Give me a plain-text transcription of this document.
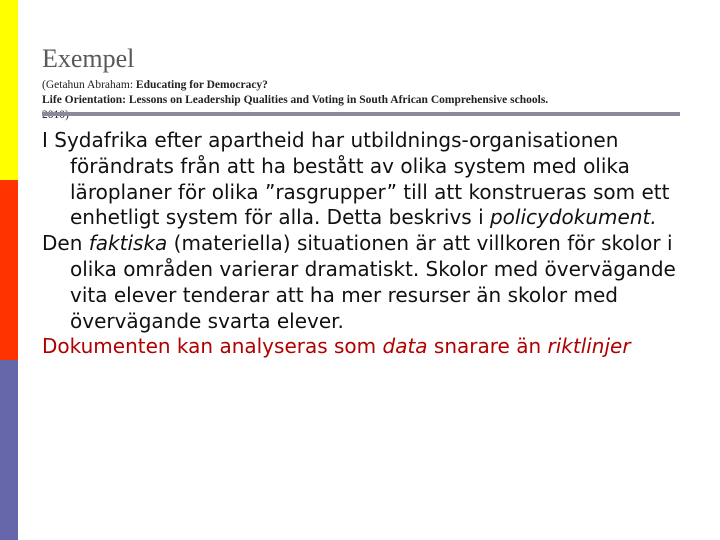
Exempel
(Getahun Abraham: Educating for Democracy?
Life Orientation: Lessons on Leadership Qualities and Voting in South African Comprehensive schools.

I Sydafrika efter apartheid har utbildnings-organisationen förändrats från att ha bestått av olika system med olika läroplaner för olika ”rasgrupper” till att konstrueras som ett enhetligt system för alla. Detta beskrivs i policydokument.

Den faktiska (materiella) situationen är att villkoren för skolor i olika områden varierar dramatiskt. Skolor med övervägande vita elever tenderar att ha mer resurser än skolor med övervägande svarta elever.

Dokumenten kan analyseras som data snarare än riktlinjer
